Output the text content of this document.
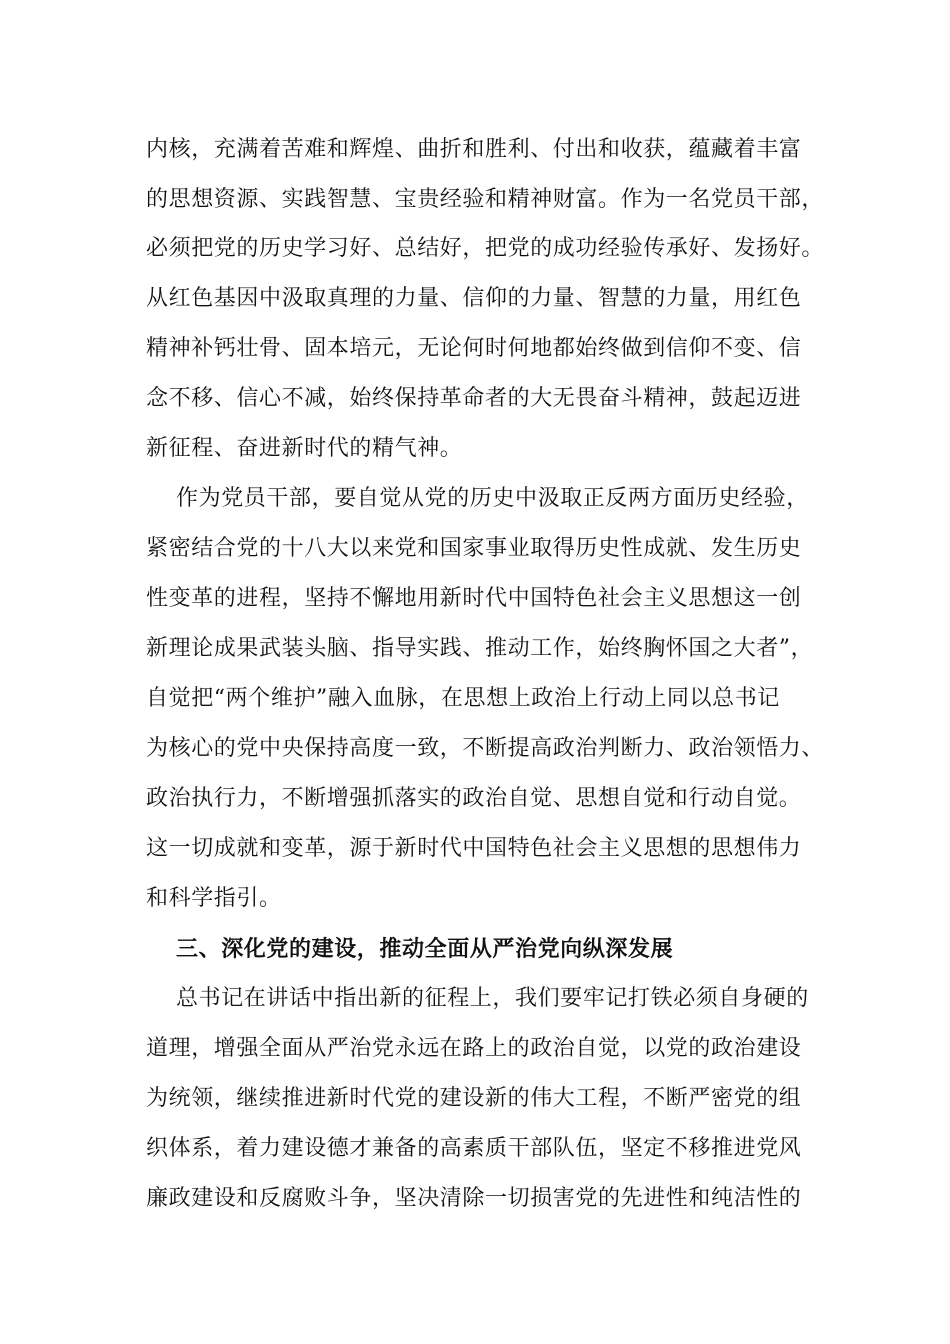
内核，充满着苦难和辉煌、曲折和胜利、付出和收获，蕴藏着丰富
的思想资源、实践智慧、宝贵经验和精神财富。作为一名党员干部，
必须把党的历史学习好、总结好，把党的成功经验传承好、发扬好。
从红色基因中汲取真理的力量、信仰的力量、智慧的力量，用红色
精神补钙壮骨、固本培元，无论何时何地都始终做到信仰不变、信
念不移、信心不减，始终保持革命者的大无畏奋斗精神，鼓起迈进
新征程、奋进新时代的精气神。
作为党员干部，要自觉从党的历史中汲取正反两方面历史经验，
紧密结合党的十八大以来党和国家事业取得历史性成就、发生历史
性变革的进程，坚持不懈地用新时代中国特色社会主义思想这一创
新理论成果武装头脑、指导实践、推动工作，始终胸怀国之大者”，
自觉把“两个维护”融入血脉，在思想上政治上行动上同以总书记
为核心的党中央保持高度一致，不断提高政治判断力、政治领悟力、
政治执行力，不断增强抓落实的政治自觉、思想自觉和行动自觉。
这一切成就和变革，源于新时代中国特色社会主义思想的思想伟力
和科学指引。
三、深化党的建设，推动全面从严治党向纵深发展
总书记在讲话中指出新的征程上，我们要牢记打铁必须自身硬的
道理，增强全面从严治党永远在路上的政治自觉，以党的政治建设
为统领，继续推进新时代党的建设新的伟大工程，不断严密党的组
织体系，着力建设德才兼备的高素质干部队伍，坚定不移推进党风
廉政建设和反腐败斗争，坚决清除一切损害党的先进性和纯洁性的
